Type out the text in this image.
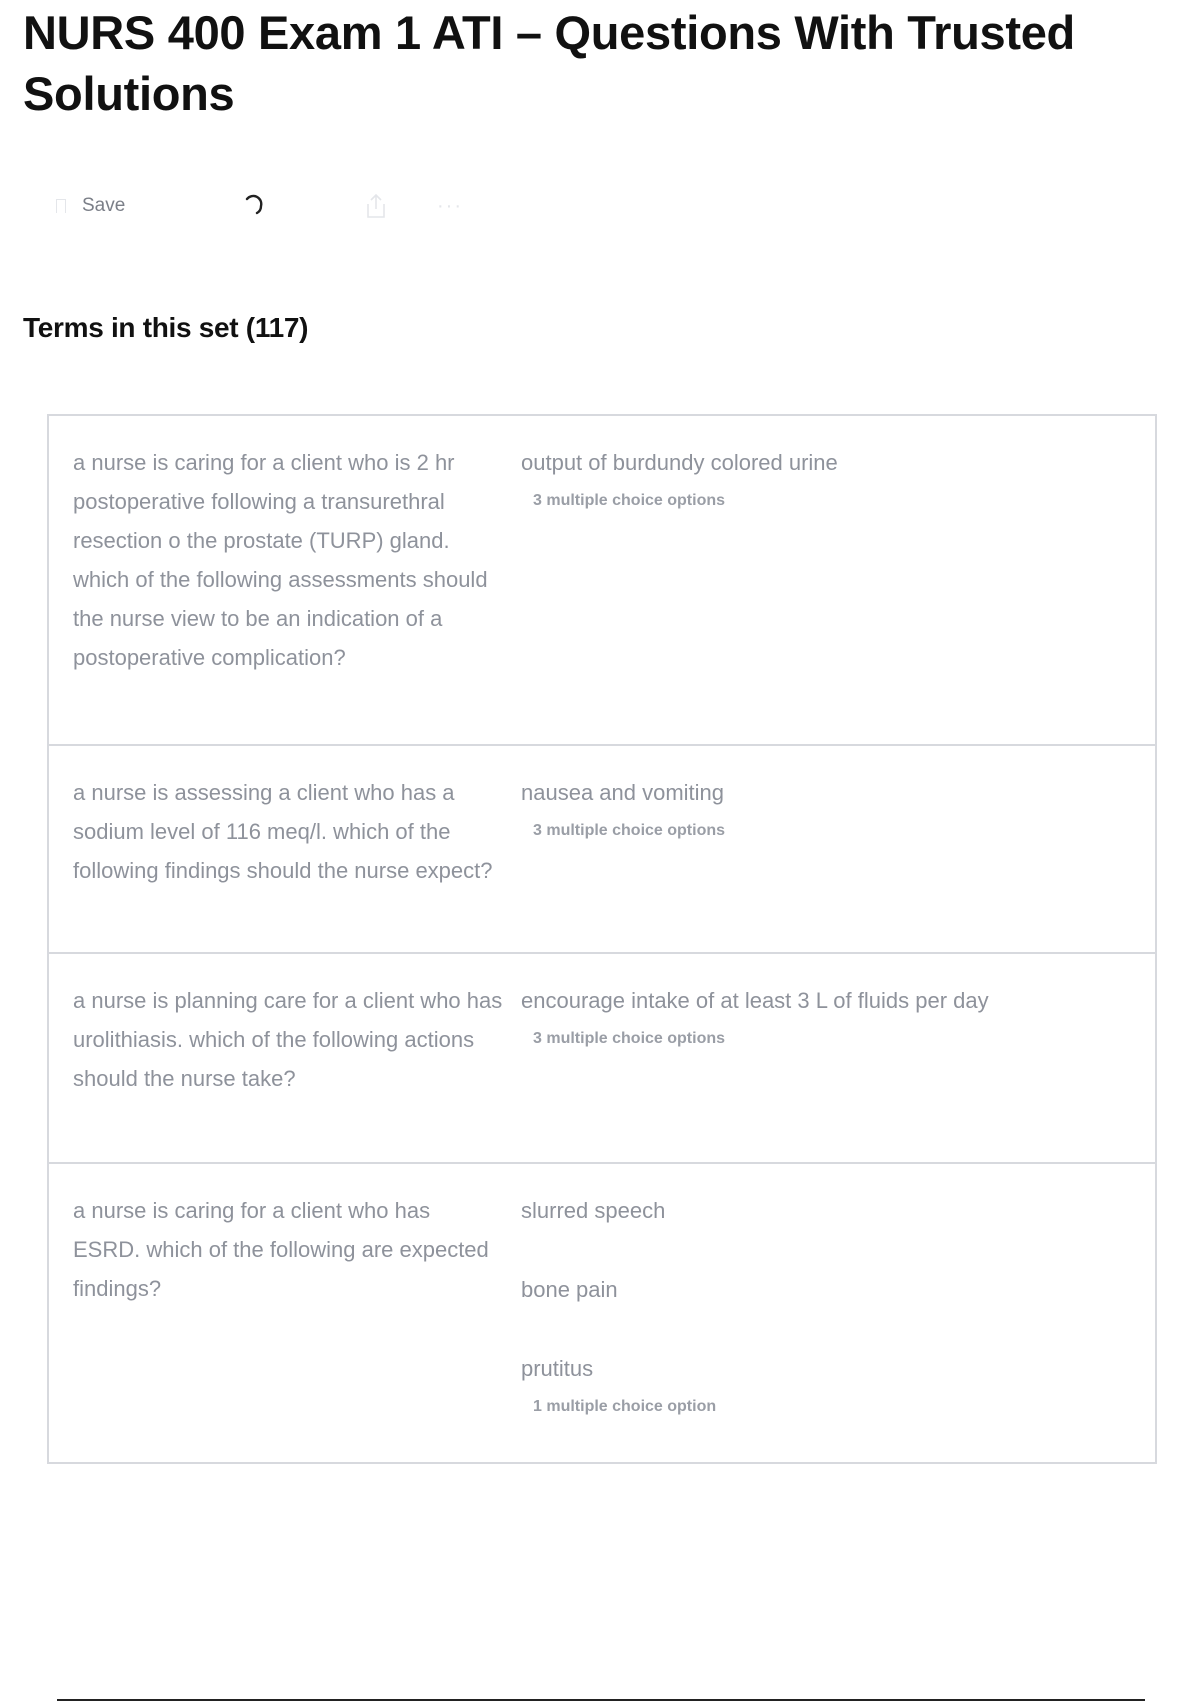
NURS 400 Exam 1 ATI – Questions With Trusted Solutions
Save	···
Terms in this set (117)
a nurse is caring for a client who is 2 hr postoperative following a transurethral resection o the prostate (TURP) gland. which of the following assessments should the nurse view to be an indication of a postoperative complication?
output of burdundy colored urine
3 multiple choice options
a nurse is assessing a client who has a sodium level of 116 meq/l. which of the following findings should the nurse expect?
nausea and vomiting
3 multiple choice options
a nurse is planning care for a client who has urolithiasis. which of the following actions should the nurse take?
encourage intake of at least 3 L of fluids per day
3 multiple choice options
a nurse is caring for a client who has ESRD. which of the following are expected findings?
slurred speech
bone pain
prutitus
1 multiple choice option
